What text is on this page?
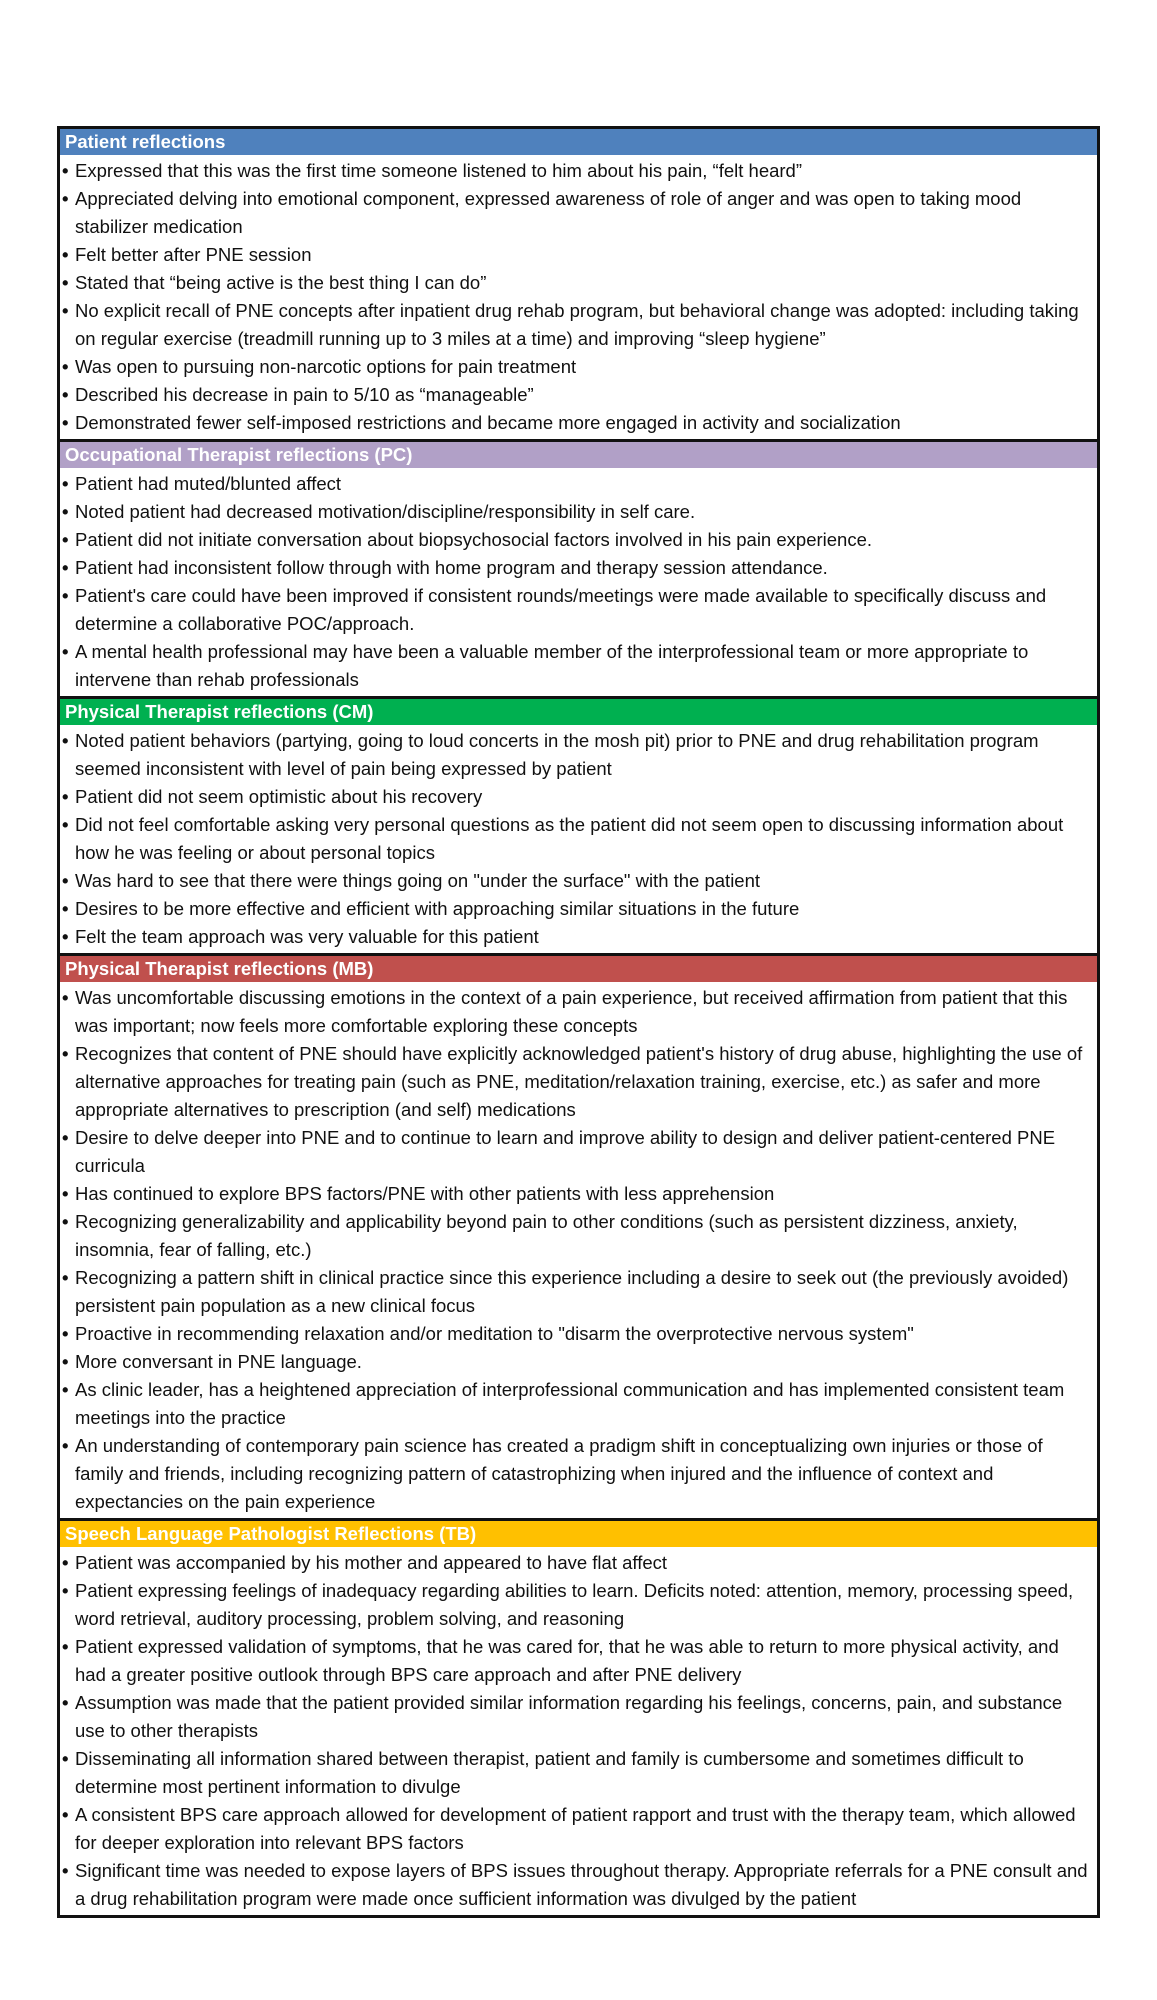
Patient reflections
• Expressed that this was the first time someone listened to him about his pain, “felt heard”
• Appreciated delving into emotional component, expressed awareness of role of anger and was open to taking mood stabilizer medication
• Felt better after PNE session
• Stated that “being active is the best thing I can do”
• No explicit recall of PNE concepts after inpatient drug rehab program, but behavioral change was adopted: including taking on regular exercise (treadmill running up to 3 miles at a time) and improving “sleep hygiene”
• Was open to pursuing non-narcotic options for pain treatment
• Described his decrease in pain to 5/10 as “manageable”
• Demonstrated fewer self-imposed restrictions and became more engaged in activity and socialization
Occupational Therapist reflections (PC)
• Patient had muted/blunted affect
• Noted patient had decreased motivation/discipline/responsibility in self care.
• Patient did not initiate conversation about biopsychosocial factors involved in his pain experience.
• Patient had inconsistent follow through with home program and therapy session attendance.
• Patient's care could have been improved if consistent rounds/meetings were made available to specifically discuss and determine a collaborative POC/approach.
• A mental health professional may have been a valuable member of the interprofessional team or more appropriate to intervene than rehab professionals
Physical Therapist reflections (CM)
• Noted patient behaviors (partying, going to loud concerts in the mosh pit) prior to PNE and drug rehabilitation program seemed inconsistent with level of pain being expressed by patient
• Patient did not seem optimistic about his recovery
• Did not feel comfortable asking very personal questions as the patient did not seem open to discussing information about how he was feeling or about personal topics
• Was hard to see that there were things going on "under the surface" with the patient
• Desires to be more effective and efficient with approaching similar situations in the future
• Felt the team approach was very valuable for this patient
Physical Therapist reflections (MB)
• Was uncomfortable discussing emotions in the context of a pain experience, but received affirmation from patient that this was important; now feels more comfortable exploring these concepts
• Recognizes that content of PNE should have explicitly acknowledged patient's history of drug abuse, highlighting the use of alternative approaches for treating pain (such as PNE, meditation/relaxation training, exercise, etc.) as safer and more appropriate alternatives to prescription (and self) medications
• Desire to delve deeper into PNE and to continue to learn and improve ability to design and deliver patient-centered PNE curricula
• Has continued to explore BPS factors/PNE with other patients with less apprehension
• Recognizing generalizability and applicability beyond pain to other conditions (such as persistent dizziness, anxiety, insomnia, fear of falling, etc.)
• Recognizing a pattern shift in clinical practice since this experience including a desire to seek out (the previously avoided) persistent pain population as a new clinical focus
• Proactive in recommending relaxation and/or meditation to "disarm the overprotective nervous system"
• More conversant in PNE language.
• As clinic leader, has a heightened appreciation of interprofessional communication and has implemented consistent team meetings into the practice
• An understanding of contemporary pain science has created a pradigm shift in conceptualizing own injuries or those of family and friends, including recognizing pattern of catastrophizing when injured and the influence of context and expectancies on the pain experience
Speech Language Pathologist Reflections (TB)
• Patient was accompanied by his mother and appeared to have flat affect
• Patient expressing feelings of inadequacy regarding abilities to learn. Deficits noted: attention, memory, processing speed, word retrieval, auditory processing, problem solving, and reasoning
• Patient expressed validation of symptoms, that he was cared for, that he was able to return to more physical activity, and had a greater positive outlook through BPS care approach and after PNE delivery
• Assumption was made that the patient provided similar information regarding his feelings, concerns, pain, and substance use to other therapists
• Disseminating all information shared between therapist, patient and family is cumbersome and sometimes difficult to determine most pertinent information to divulge
• A consistent BPS care approach allowed for development of patient rapport and trust with the therapy team, which allowed for deeper exploration into relevant BPS factors
• Significant time was needed to expose layers of BPS issues throughout therapy. Appropriate referrals for a PNE consult and a drug rehabilitation program were made once sufficient information was divulged by the patient
